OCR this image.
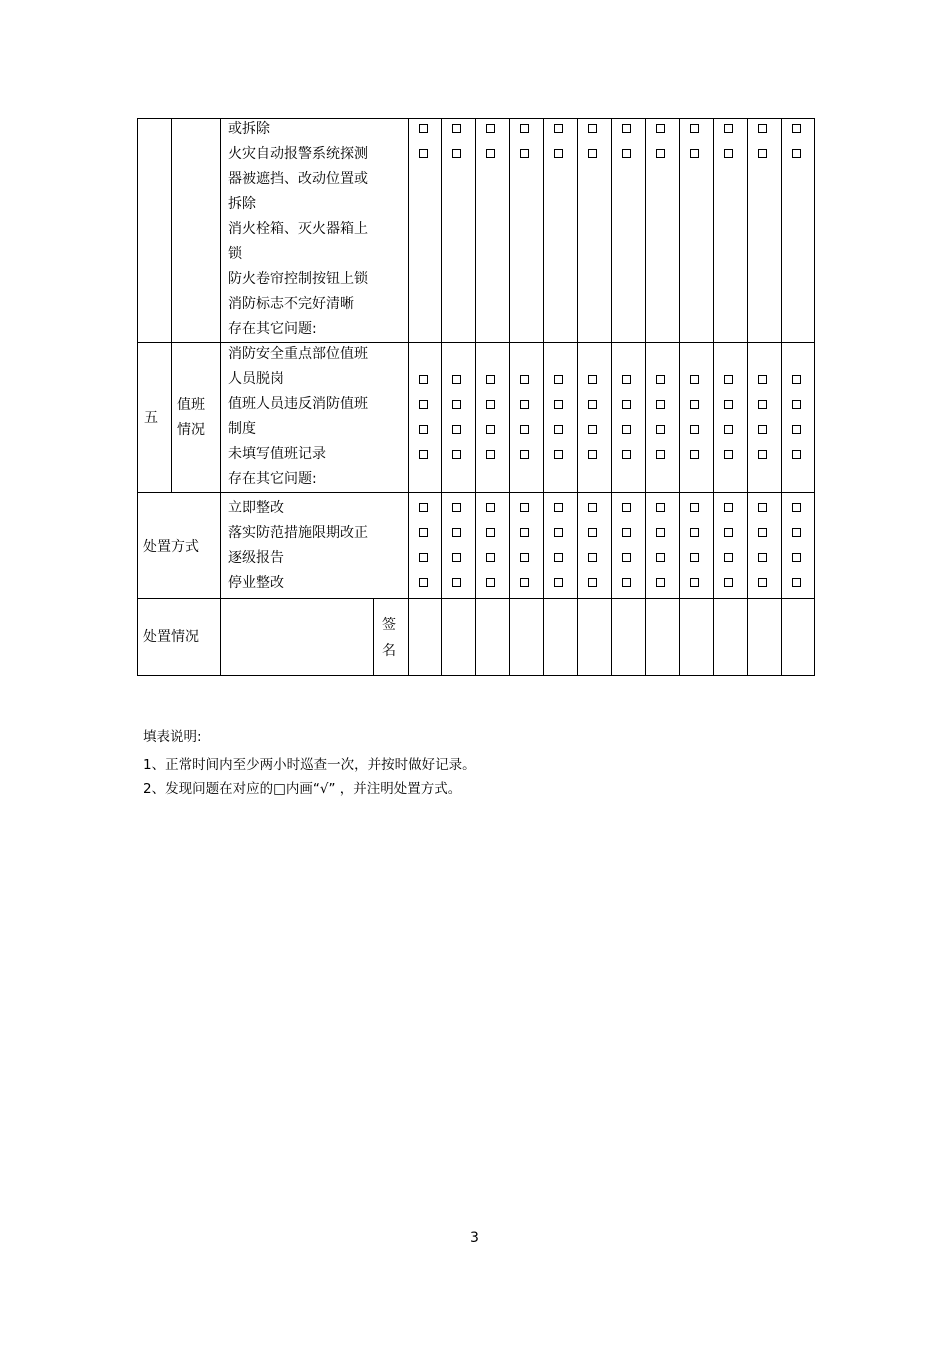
或拆除
火灾自动报警系统探测
器被遮挡、改动位置或
拆除
消火栓箱、灭火器箱上
锁
防火卷帘控制按钮上锁
消防标志不完好清晰
存在其它问题:
五
值班
情况
消防安全重点部位值班
人员脱岗
值班人员违反消防值班
制度
未填写值班记录
存在其它问题:
处置方式
立即整改
落实防范措施限期改正
逐级报告
停业整改
处置情况
签
名
填表说明:
1、正常时间内至少两小时巡查一次，并按时做好记录。
2、发现问题在对应的□内画“√” ，并注明处置方式。
3
